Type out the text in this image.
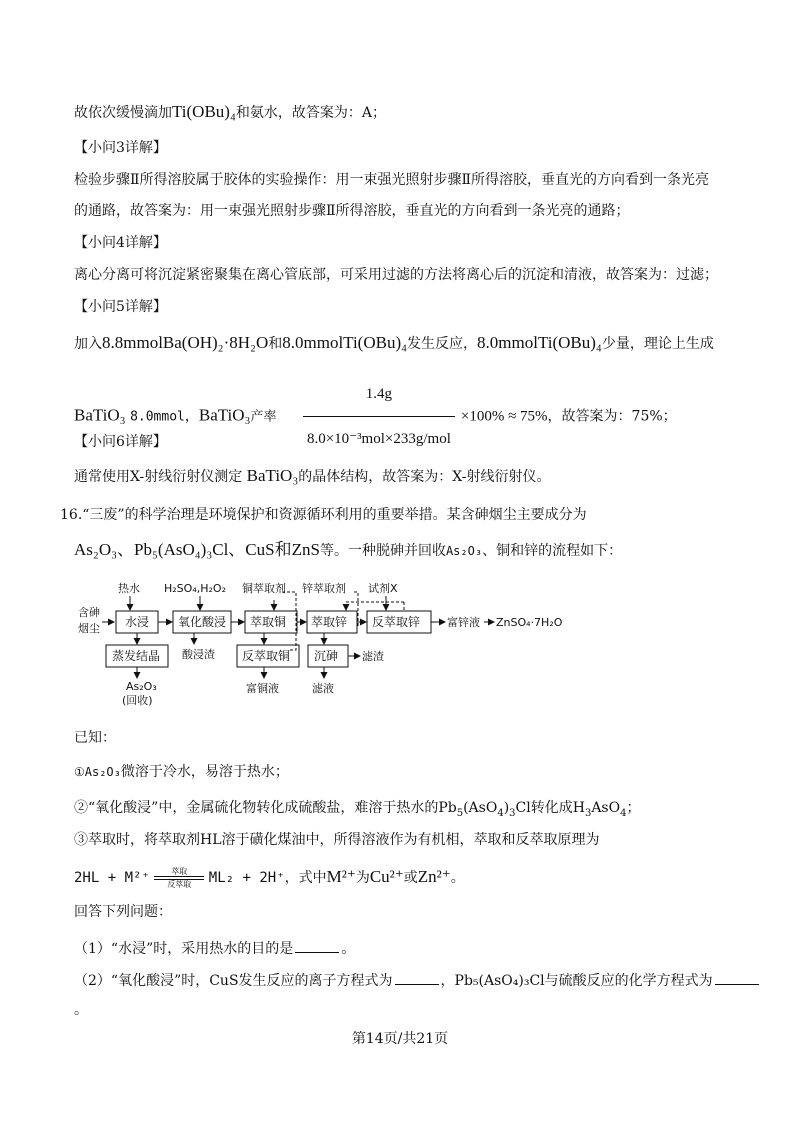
故依次缓慢滴加Ti(OBu)₄和氨水，故答案为：A；
【小问3详解】
检验步骤Ⅱ所得溶胶属于胶体的实验操作：用一束强光照射步骤Ⅱ所得溶胶，垂直光的方向看到一条光亮
的通路，故答案为：用一束强光照射步骤Ⅱ所得溶胶，垂直光的方向看到一条光亮的通路；
【小问4详解】
离心分离可将沉淀紧密聚集在离心管底部，可采用过滤的方法将离心后的沉淀和清液，故答案为：过滤；
【小问5详解】
加入8.8mmolBa(OH)₂·8H₂O和8.0mmolTi(OBu)₄发生反应，8.0mmolTi(OBu)₄少量，理论上生成
BaTiO₃ 8.0mmol，BaTiO₃产率 $\frac{1.4g}{\text{8.0×10⁻³mol×233g/mol}} \times 100\% \approx 75\%$，故答案为：75%；
【小问6详解】
通常使用X-射线衍射仪测定 BaTiO₃的晶体结构，故答案为：X-射线衍射仪。
16.“三废”的科学治理是环境保护和资源循环利用的重要举措。某含砷烟尘主要成分为
As₂O₃、Pb₅(AsO₄)₃Cl、CuS和ZnS等。一种脱砷并回收As₂O₃、铜和锌的流程如下：
含砷
烟尘
热水 H₂SO₄,H₂O₂ 铜萃取剂 锌萃取剂 试剂X
水浸 氧化酸浸 萃取铜 萃取锌 反萃取锌 富锌液 ZnSO₄·7H₂O
蒸发结晶
As₂O₃
(回收)
酸浸渣 反萃取铜
富铜液
沉砷 滤渣
滤液
已知：
①As₂O₃微溶于冷水，易溶于热水；
②“氧化酸浸”中，金属硫化物转化成硫酸盐，难溶于热水的$Pb_5(AsO_4)_3Cl$转化成$H_3AsO_4$；
③萃取时，将萃取剂HL溶于磺化煤油中，所得溶液作为有机相，萃取和反萃取原理为
2HL + M²⁺	萃取
反萃取	ML₂ + 2H⁺，式中M²⁺为Cu²⁺或Zn²⁺。
回答下列问题：
（1）“水浸”时，采用热水的目的是	。
（2）“氧化酸浸”时，CuS发生反应的离子方程式为	，Pb₅(AsO₄)₃Cl与硫酸反应的化学方程式为
。
第14页/共21页
